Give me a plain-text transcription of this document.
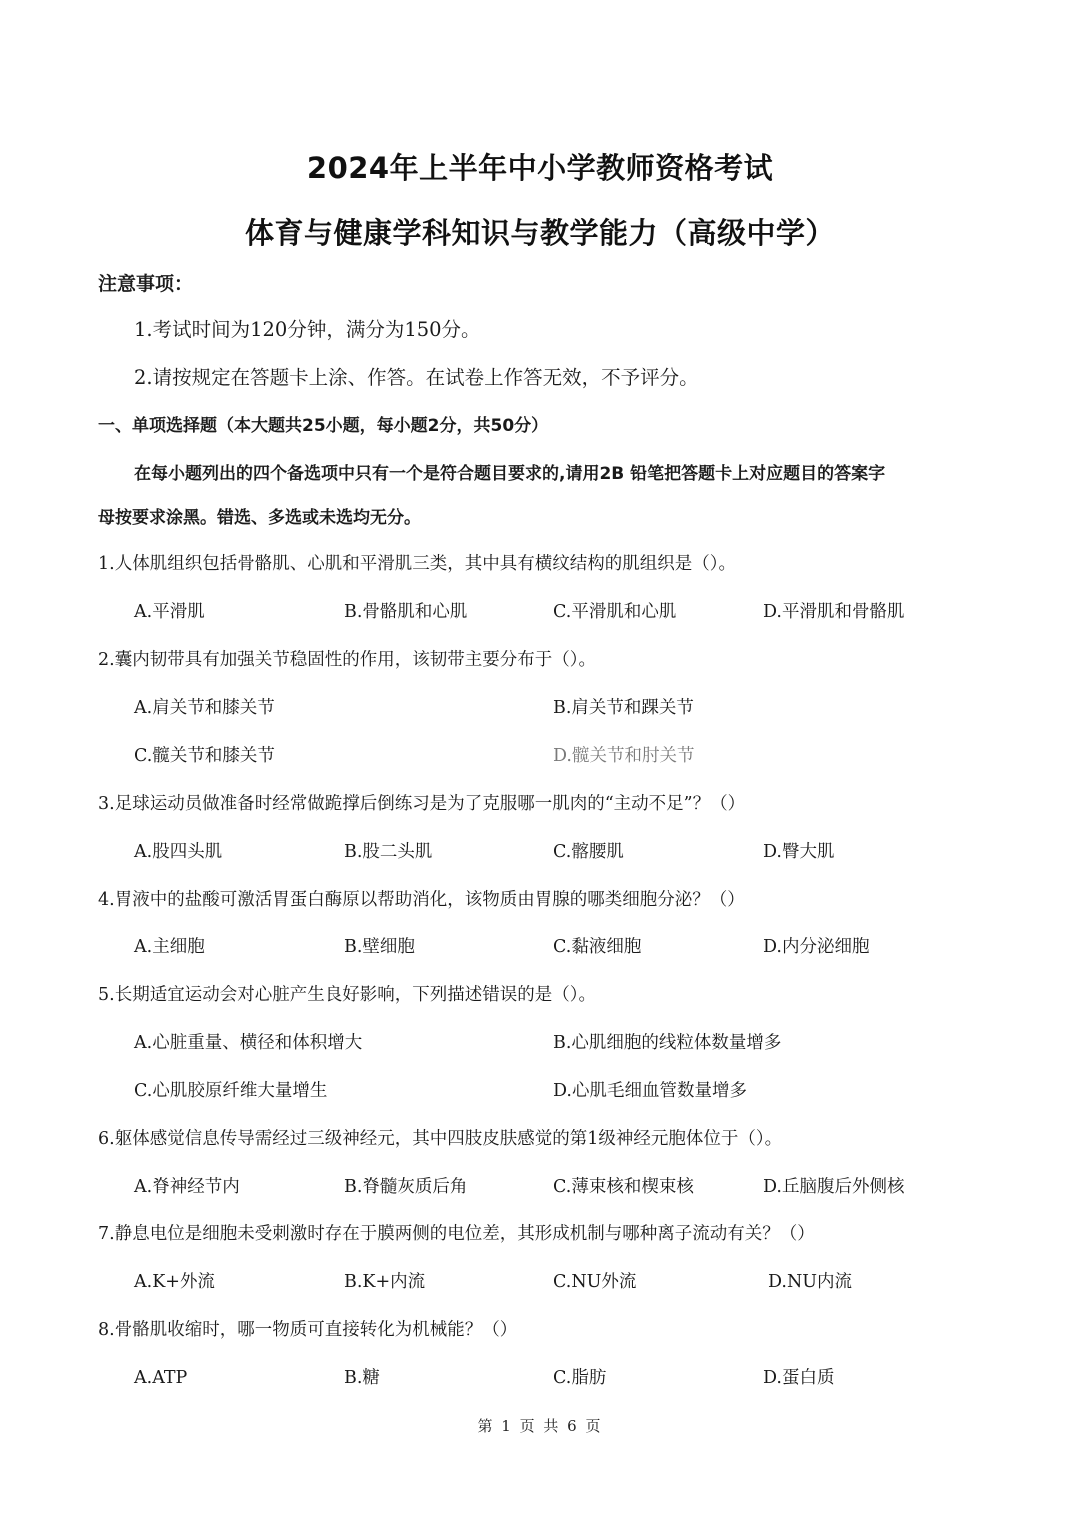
2024年上半年中小学教师资格考试
体育与健康学科知识与教学能力（高级中学）
注意事项：
1.考试时间为120分钟，满分为150分。
2.请按规定在答题卡上涂、作答。在试卷上作答无效，不予评分。
一、单项选择题（本大题共25小题，每小题2分，共50分）
在每小题列出的四个备选项中只有一个是符合题目要求的,请用2B 铅笔把答题卡上对应题目的答案字
母按要求涂黑。错选、多选或未选均无分。
1.人体肌组织包括骨骼肌、心肌和平滑肌三类，其中具有横纹结构的肌组织是（）。
A.平滑肌	B.骨骼肌和心肌	C.平滑肌和心肌	D.平滑肌和骨骼肌
2.囊内韧带具有加强关节稳固性的作用，该韧带主要分布于（）。
A.肩关节和膝关节	B.肩关节和踝关节
C.髋关节和膝关节	D.髋关节和肘关节
3.足球运动员做准备时经常做跪撑后倒练习是为了克服哪一肌肉的“主动不足”？（）
A.股四头肌	B.股二头肌	C.髂腰肌	D.臀大肌
4.胃液中的盐酸可激活胃蛋白酶原以帮助消化，该物质由胃腺的哪类细胞分泌？（）
A.主细胞	B.壁细胞	C.黏液细胞	D.内分泌细胞
5.长期适宜运动会对心脏产生良好影响，下列描述错误的是（）。
A.心脏重量、横径和体积增大	B.心肌细胞的线粒体数量增多
C.心肌胶原纤维大量增生	D.心肌毛细血管数量增多
6.躯体感觉信息传导需经过三级神经元，其中四肢皮肤感觉的第1级神经元胞体位于（）。
A.脊神经节内	B.脊髓灰质后角	C.薄束核和楔束核	D.丘脑腹后外侧核
7.静息电位是细胞未受刺激时存在于膜两侧的电位差，其形成机制与哪种离子流动有关？（）
A.K+外流	B.K+内流	C.NU外流	D.NU内流
8.骨骼肌收缩时，哪一物质可直接转化为机械能？（）
A.ATP	B.糖	C.脂肪	D.蛋白质
第 1 页 共 6 页
